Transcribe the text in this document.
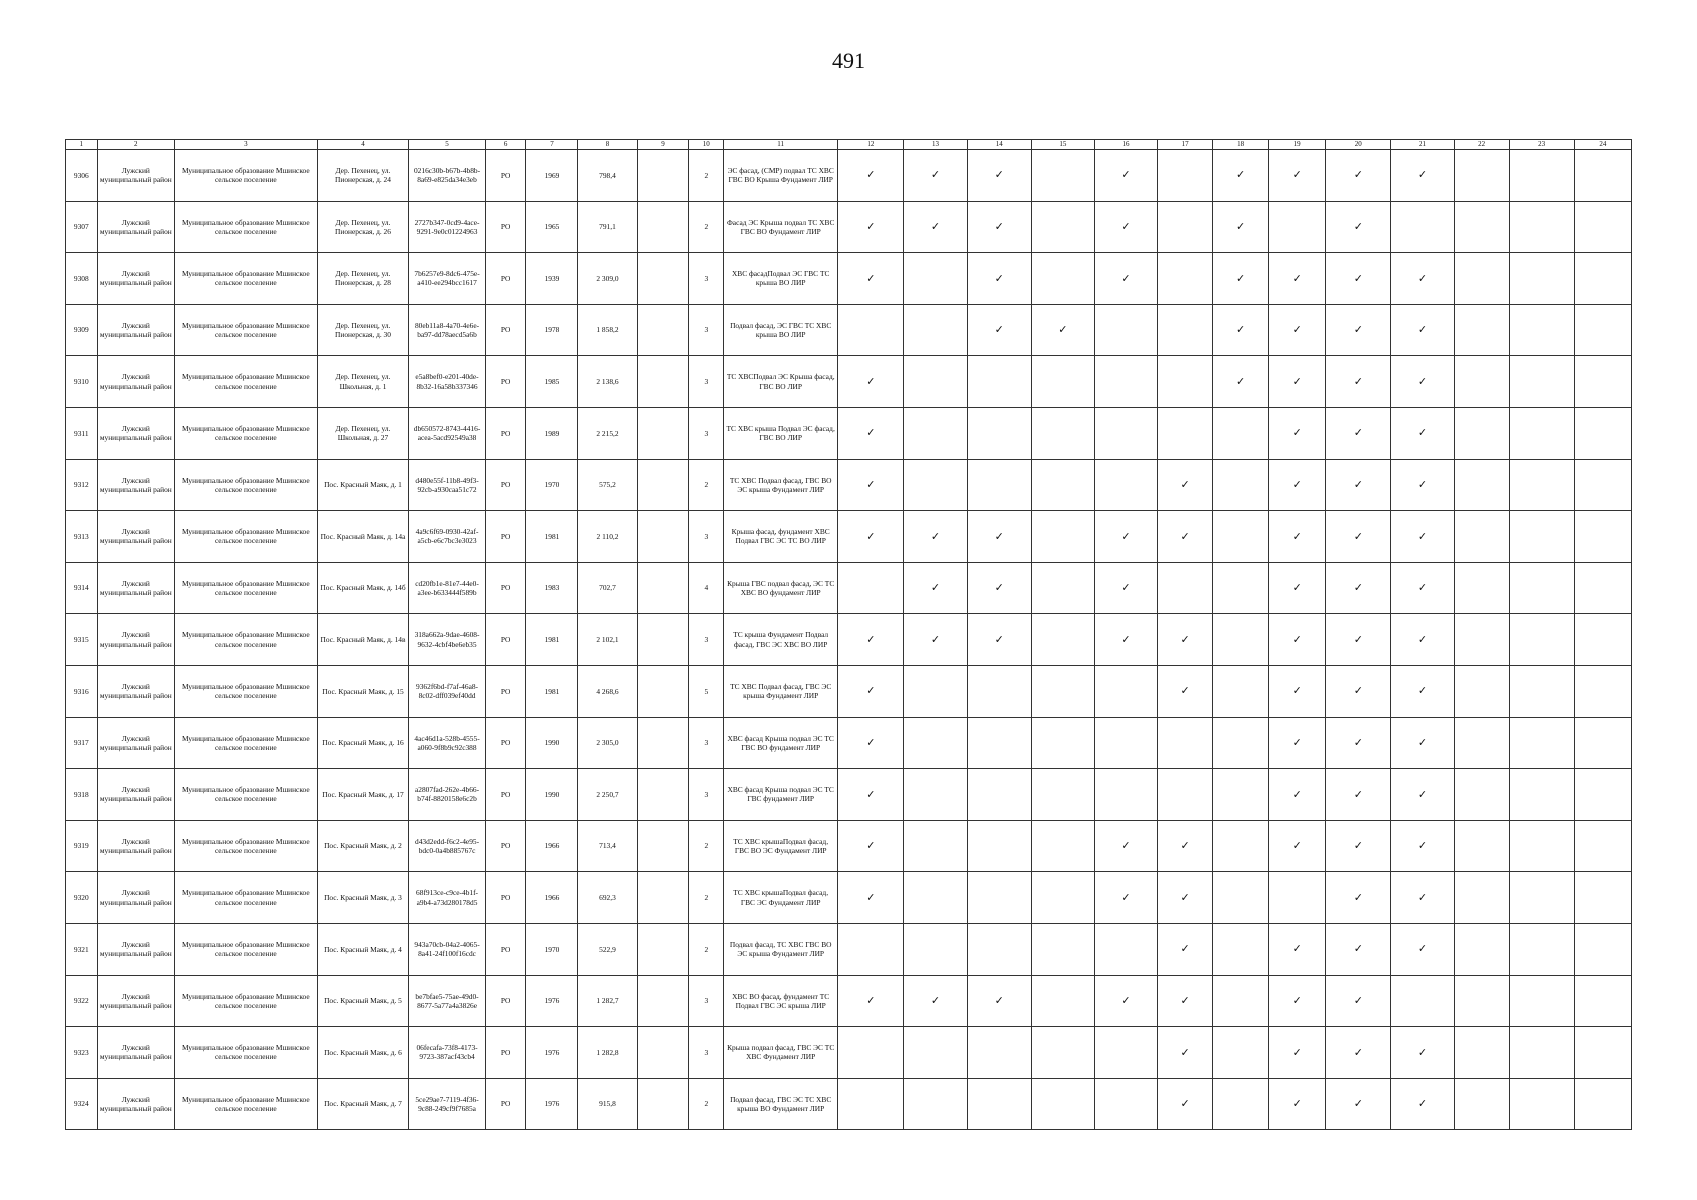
491
1	2	3	4	5	6	7	8	9	10	11	12	13	14	15	16	17	18	19	20	21	22	23	24
9306	Лужский муниципальный район	Муниципальное образование Мшинское сельское поселение	Дер. Пехенец, ул. Пионерская, д. 24	0216c30b-b67b-4b8b-8a69-e825da34e3eb	РО	1969	798,4		2	ЭС фасад, (СМР) подвал ТС ХВС ГВС ВО Крыша Фундамент ЛИР	✓	✓	✓		✓		✓	✓	✓	✓			
9307	Лужский муниципальный район	Муниципальное образование Мшинское сельское поселение	Дер. Пехенец, ул. Пионерская, д. 26	2727b347-0cd9-4ace-9291-9e0c01224963	РО	1965	791,1		2	Фасад ЭС Крыша подвал ТС ХВС ГВС ВО Фундамент ЛИР	✓	✓	✓		✓		✓		✓				
9308	Лужский муниципальный район	Муниципальное образование Мшинское сельское поселение	Дер. Пехенец, ул. Пионерская, д. 28	7b6257e9-8dc6-475e-a410-ee294bcc1617	РО	1939	2 309,0		3	ХВС фасадПодвал ЭС ГВС ТС крыша ВО ЛИР	✓		✓		✓		✓	✓	✓	✓			
9309	Лужский муниципальный район	Муниципальное образование Мшинское сельское поселение	Дер. Пехенец, ул. Пионерская, д. 30	80eb11a8-4a70-4e6e-ba97-dd78aecd5a6b	РО	1978	1 858,2		3	Подвал фасад, ЭС ГВС ТС ХВС крыша ВО ЛИР			✓	✓			✓	✓	✓	✓			
9310	Лужский муниципальный район	Муниципальное образование Мшинское сельское поселение	Дер. Пехенец, ул. Школьная, д. 1	e5a8bef0-e201-40de-8b32-16a58b337346	РО	1985	2 138,6		3	ТС ХВСПодвал ЭС Крыша фасад, ГВС ВО ЛИР	✓						✓	✓	✓	✓			
9311	Лужский муниципальный район	Муниципальное образование Мшинское сельское поселение	Дер. Пехенец, ул. Школьная, д. 27	db650572-8743-4416-acea-5acd92549a38	РО	1989	2 215,2		3	ТС ХВС крыша Подвал ЭС фасад, ГВС ВО ЛИР	✓							✓	✓	✓			
9312	Лужский муниципальный район	Муниципальное образование Мшинское сельское поселение	Пос. Красный Маяк, д. 1	d480e55f-11b8-49f3-92cb-a930caa51c72	РО	1970	575,2		2	ТС ХВС Подвал фасад, ГВС ВО ЭС крыша Фундамент ЛИР	✓					✓		✓	✓	✓			
9313	Лужский муниципальный район	Муниципальное образование Мшинское сельское поселение	Пос. Красный Маяк, д. 14а	4a9c6f69-0930-42af-a5cb-e6c7bc3e3023	РО	1981	2 110,2		3	Крыша фасад, фундамент ХВС Подвал ГВС ЭС ТС ВО ЛИР	✓	✓	✓		✓	✓		✓	✓	✓			
9314	Лужский муниципальный район	Муниципальное образование Мшинское сельское поселение	Пос. Красный Маяк, д. 14б	cd20fb1e-81e7-44e0-a3ee-b633444f589b	РО	1983	702,7		4	Крыша ГВС подвал фасад, ЭС ТС ХВС ВО фундамент ЛИР		✓	✓		✓			✓	✓	✓			
9315	Лужский муниципальный район	Муниципальное образование Мшинское сельское поселение	Пос. Красный Маяк, д. 14в	318a662a-9dae-4608-9632-4cbf4be6eb35	РО	1981	2 102,1		3	ТС крыша Фундамент Подвал фасад, ГВС ЭС ХВС ВО ЛИР	✓	✓	✓		✓	✓		✓	✓	✓			
9316	Лужский муниципальный район	Муниципальное образование Мшинское сельское поселение	Пос. Красный Маяк, д. 15	9362f6bd-f7af-46a8-8c02-dff039ef40dd	РО	1981	4 268,6		5	ТС ХВС Подвал фасад, ГВС ЭС крыша Фундамент ЛИР	✓					✓		✓	✓	✓			
9317	Лужский муниципальный район	Муниципальное образование Мшинское сельское поселение	Пос. Красный Маяк, д. 16	4ac46d1a-528b-4555-a060-9f8b9c92c388	РО	1990	2 305,0		3	ХВС фасад Крыша подвал ЭС ТС ГВС ВО фундамент ЛИР	✓							✓	✓	✓			
9318	Лужский муниципальный район	Муниципальное образование Мшинское сельское поселение	Пос. Красный Маяк, д. 17	a2807fad-262e-4b66-b74f-8820158e6c2b	РО	1990	2 250,7		3	ХВС фасад Крыша подвал ЭС ТС ГВС фундамент ЛИР	✓							✓	✓	✓			
9319	Лужский муниципальный район	Муниципальное образование Мшинское сельское поселение	Пос. Красный Маяк, д. 2	d43d2edd-f6c2-4e95-bdc0-0a4b885767c	РО	1966	713,4		2	ТС ХВС крышаПодвал фасад, ГВС ВО ЭС Фундамент ЛИР	✓				✓	✓		✓	✓	✓			
9320	Лужский муниципальный район	Муниципальное образование Мшинское сельское поселение	Пос. Красный Маяк, д. 3	68f913ce-c9ce-4b1f-a9b4-a73d280178d5	РО	1966	692,3		2	ТС ХВС крышаПодвал фасад, ГВС ЭС Фундамент ЛИР	✓				✓	✓			✓	✓			
9321	Лужский муниципальный район	Муниципальное образование Мшинское сельское поселение	Пос. Красный Маяк, д. 4	943a70cb-04a2-4065-8a41-24f100f16cdc	РО	1970	522,9		2	Подвал фасад, ТС ХВС ГВС ВО ЭС крыша Фундамент ЛИР						✓		✓	✓	✓			
9322	Лужский муниципальный район	Муниципальное образование Мшинское сельское поселение	Пос. Красный Маяк, д. 5	be7bfae5-75ae-49d0-8677-5a77a4a3826e	РО	1976	1 282,7		3	ХВС ВО фасад, фундамент ТС Подвал ГВС ЭС крыша ЛИР	✓	✓	✓		✓	✓		✓	✓				
9323	Лужский муниципальный район	Муниципальное образование Мшинское сельское поселение	Пос. Красный Маяк, д. 6	06fecafa-73f8-4173-9723-387acf43cb4	РО	1976	1 282,8		3	Крыша подвал фасад, ГВС ЭС ТС ХВС Фундамент ЛИР						✓		✓	✓	✓			
9324	Лужский муниципальный район	Муниципальное образование Мшинское сельское поселение	Пос. Красный Маяк, д. 7	5ce29ae7-7119-4f36-9c88-249cf9f7685a	РО	1976	915,8		2	Подвал фасад, ГВС ЭС ТС ХВС крыша ВО Фундамент ЛИР						✓		✓	✓	✓			
